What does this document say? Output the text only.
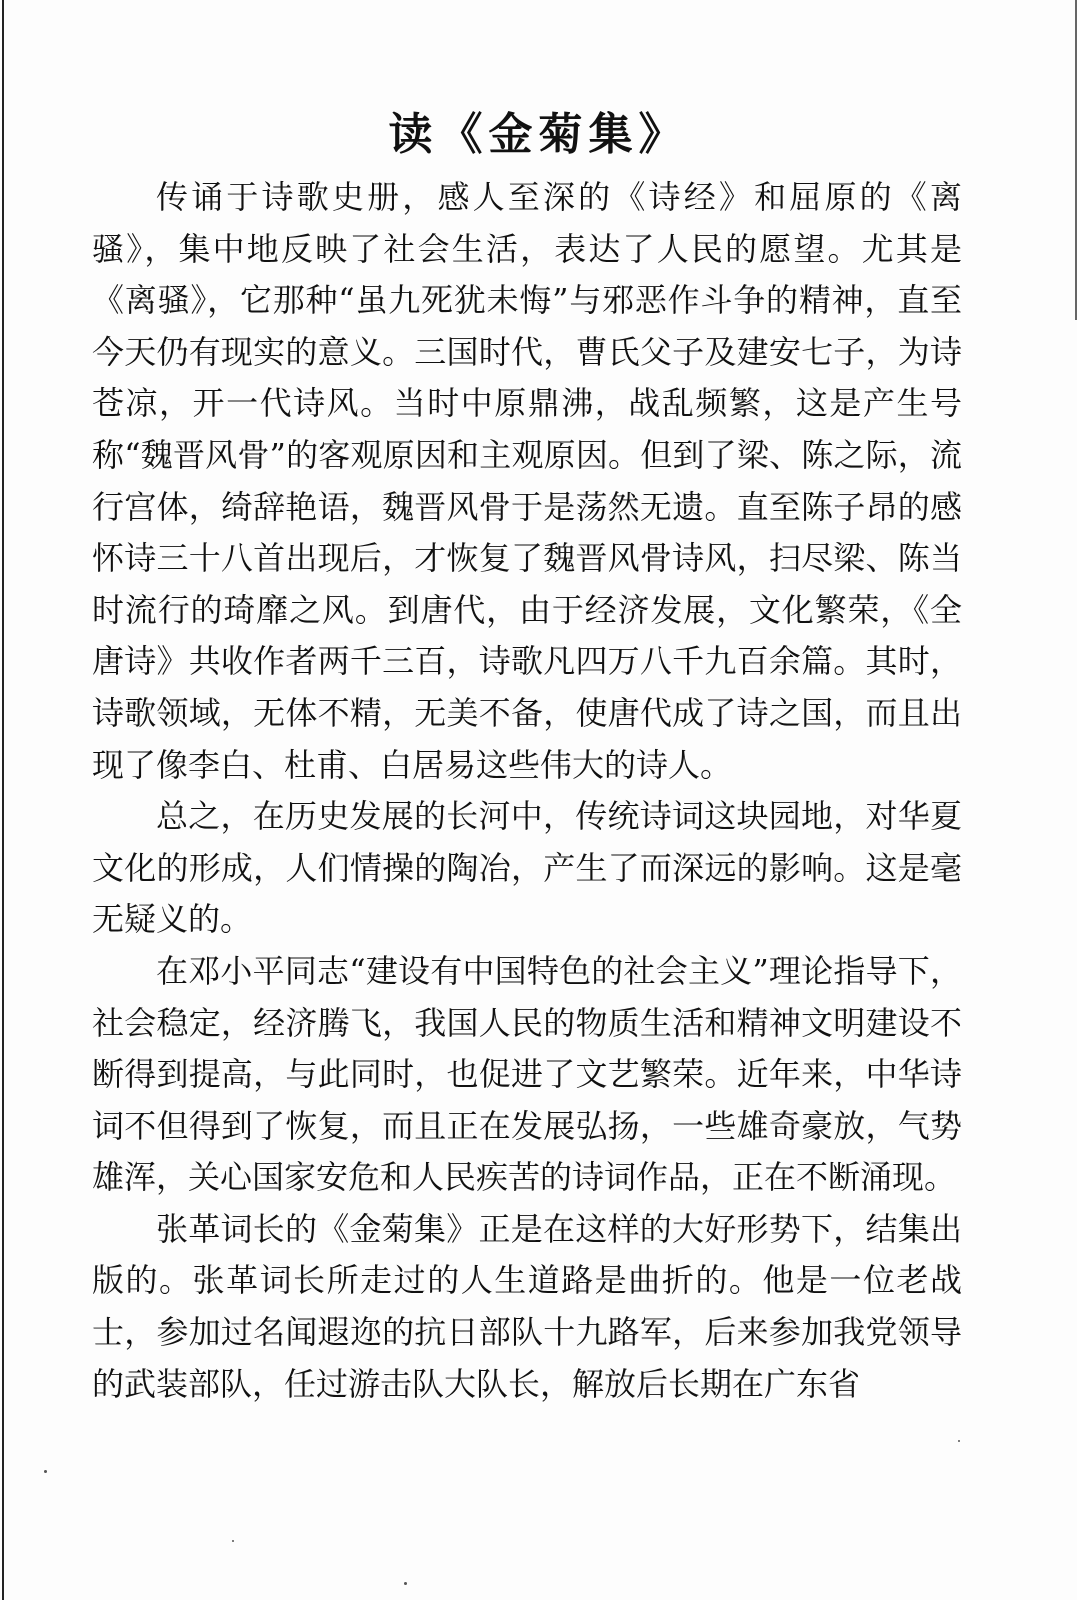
读《金菊集》

传诵于诗歌史册，感人至深的《诗经》和屈原的《离骚》，集中地反映了社会生活，表达了人民的愿望。尤其是《离骚》，它那种“虽九死犹未悔”与邪恶作斗争的精神，直至今天仍有现实的意义。三国时代，曹氏父子及建安七子，为诗苍凉，开一代诗风。当时中原鼎沸，战乱频繁，这是产生号称“魏晋风骨”的客观原因和主观原因。但到了梁、陈之际，流行宫体，绮辞艳语，魏晋风骨于是荡然无遗。直至陈子昂的感怀诗三十八首出现后，才恢复了魏晋风骨诗风，扫尽梁、陈当时流行的琦靡之风。到唐代，由于经济发展，文化繁荣，《全唐诗》共收作者两千三百，诗歌凡四万八千九百余篇。其时，诗歌领域，无体不精，无美不备，使唐代成了诗之国，而且出现了像李白、杜甫、白居易这些伟大的诗人。

总之，在历史发展的长河中，传统诗词这块园地，对华夏文化的形成，人们情操的陶冶，产生了而深远的影响。这是毫无疑义的。

在邓小平同志“建设有中国特色的社会主义”理论指导下，社会稳定，经济腾飞，我国人民的物质生活和精神文明建设不断得到提高，与此同时，也促进了文艺繁荣。近年来，中华诗词不但得到了恢复，而且正在发展弘扬，一些雄奇豪放，气势雄浑，关心国家安危和人民疾苦的诗词作品，正在不断涌现。

张革词长的《金菊集》正是在这样的大好形势下，结集出版的。张革词长所走过的人生道路是曲折的。他是一位老战士，参加过名闻遐迩的抗日部队十九路军，后来参加我党领导的武装部队，任过游击队大队长，解放后长期在广东省
